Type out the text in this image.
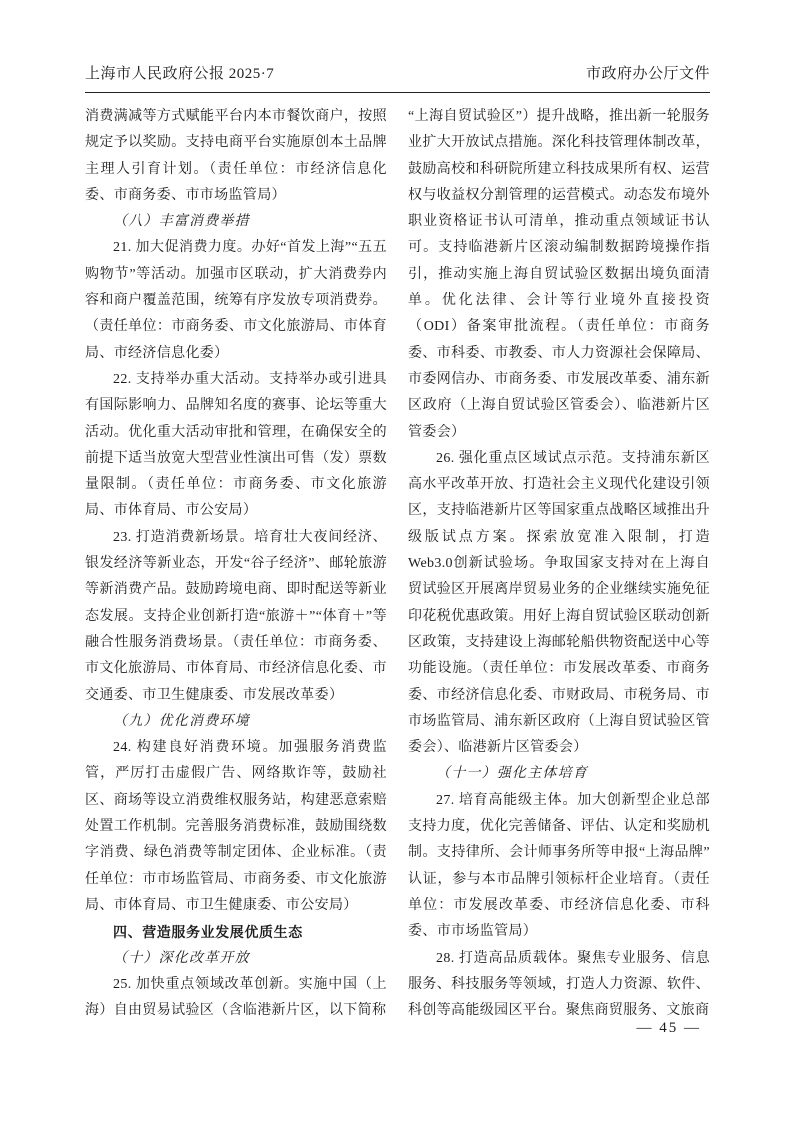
上海市人民政府公报 2025·7	市政府办公厅文件

消费满减等方式赋能平台内本市餐饮商户，按照规定予以奖励。支持电商平台实施原创本土品牌主理人引育计划。（责任单位：市经济信息化委、市商务委、市市场监管局）

（八）丰富消费举措

21. 加大促消费力度。办好“首发上海”“五五购物节”等活动。加强市区联动，扩大消费券内容和商户覆盖范围，统筹有序发放专项消费券。（责任单位：市商务委、市文化旅游局、市体育局、市经济信息化委）

22. 支持举办重大活动。支持举办或引进具有国际影响力、品牌知名度的赛事、论坛等重大活动。优化重大活动审批和管理，在确保安全的前提下适当放宽大型营业性演出可售（发）票数量限制。（责任单位：市商务委、市文化旅游局、市体育局、市公安局）

23. 打造消费新场景。培育壮大夜间经济、银发经济等新业态，开发“谷子经济”、邮轮旅游等新消费产品。鼓励跨境电商、即时配送等新业态发展。支持企业创新打造“旅游＋”“体育＋”等融合性服务消费场景。（责任单位：市商务委、市文化旅游局、市体育局、市经济信息化委、市交通委、市卫生健康委、市发展改革委）

（九）优化消费环境

24. 构建良好消费环境。加强服务消费监管，严厉打击虚假广告、网络欺诈等，鼓励社区、商场等设立消费维权服务站，构建恶意索赔处置工作机制。完善服务消费标准，鼓励围绕数字消费、绿色消费等制定团体、企业标准。（责任单位：市市场监管局、市商务委、市文化旅游局、市体育局、市卫生健康委、市公安局）

四、营造服务业发展优质生态

（十）深化改革开放

25. 加快重点领域改革创新。实施中国（上海）自由贸易试验区（含临港新片区，以下简称

“上海自贸试验区”）提升战略，推出新一轮服务业扩大开放试点措施。深化科技管理体制改革，鼓励高校和科研院所建立科技成果所有权、运营权与收益权分割管理的运营模式。动态发布境外职业资格证书认可清单，推动重点领域证书认可。支持临港新片区滚动编制数据跨境操作指引，推动实施上海自贸试验区数据出境负面清单。优化法律、会计等行业境外直接投资（ODI）备案审批流程。（责任单位：市商务委、市科委、市教委、市人力资源社会保障局、市委网信办、市商务委、市发展改革委、浦东新区政府（上海自贸试验区管委会）、临港新片区管委会）

26. 强化重点区域试点示范。支持浦东新区高水平改革开放、打造社会主义现代化建设引领区，支持临港新片区等国家重点战略区域推出升级版试点方案。探索放宽准入限制，打造Web3.0创新试验场。争取国家支持对在上海自贸试验区开展离岸贸易业务的企业继续实施免征印花税优惠政策。用好上海自贸试验区联动创新区政策，支持建设上海邮轮船供物资配送中心等功能设施。（责任单位：市发展改革委、市商务委、市经济信息化委、市财政局、市税务局、市市场监管局、浦东新区政府（上海自贸试验区管委会）、临港新片区管委会）

（十一）强化主体培育

27. 培育高能级主体。加大创新型企业总部支持力度，优化完善储备、评估、认定和奖励机制。支持律所、会计师事务所等申报“上海品牌”认证，参与本市品牌引领标杆企业培育。（责任单位：市发展改革委、市经济信息化委、市科委、市市场监管局）

28. 打造高品质载体。聚焦专业服务、信息服务、科技服务等领域，打造人力资源、软件、科创等高能级园区平台。聚焦商贸服务、文旅商

— 45 —
